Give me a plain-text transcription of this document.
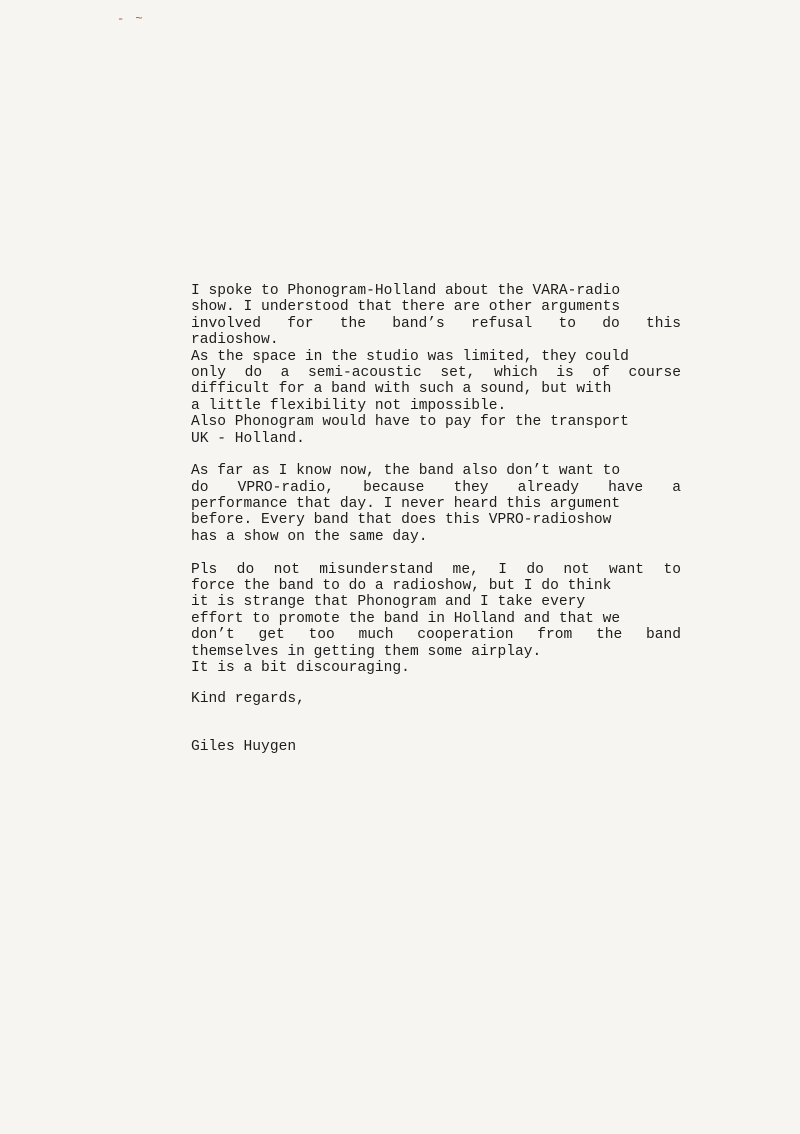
- ~
I spoke to Phonogram-Holland about the VARA-radio
show. I understood that there are other arguments
involved for the band’s refusal to do this
radioshow.
As the space in the studio was limited, they could
only do a semi-acoustic set, which is of course
difficult for a band with such a sound, but with
a little flexibility not impossible.
Also Phonogram would have to pay for the transport
UK - Holland.
As far as I know now, the band also don’t want to
do VPRO-radio, because they already have a
performance that day. I never heard this argument
before. Every band that does this VPRO-radioshow
has a show on the same day.
Pls do not misunderstand me, I do not want to
force the band to do a radioshow, but I do think
it is strange that Phonogram and I take every
effort to promote the band in Holland and that we
don’t get too much cooperation from the band
themselves in getting them some airplay.
It is a bit discouraging.
Kind regards,
Giles Huygen
